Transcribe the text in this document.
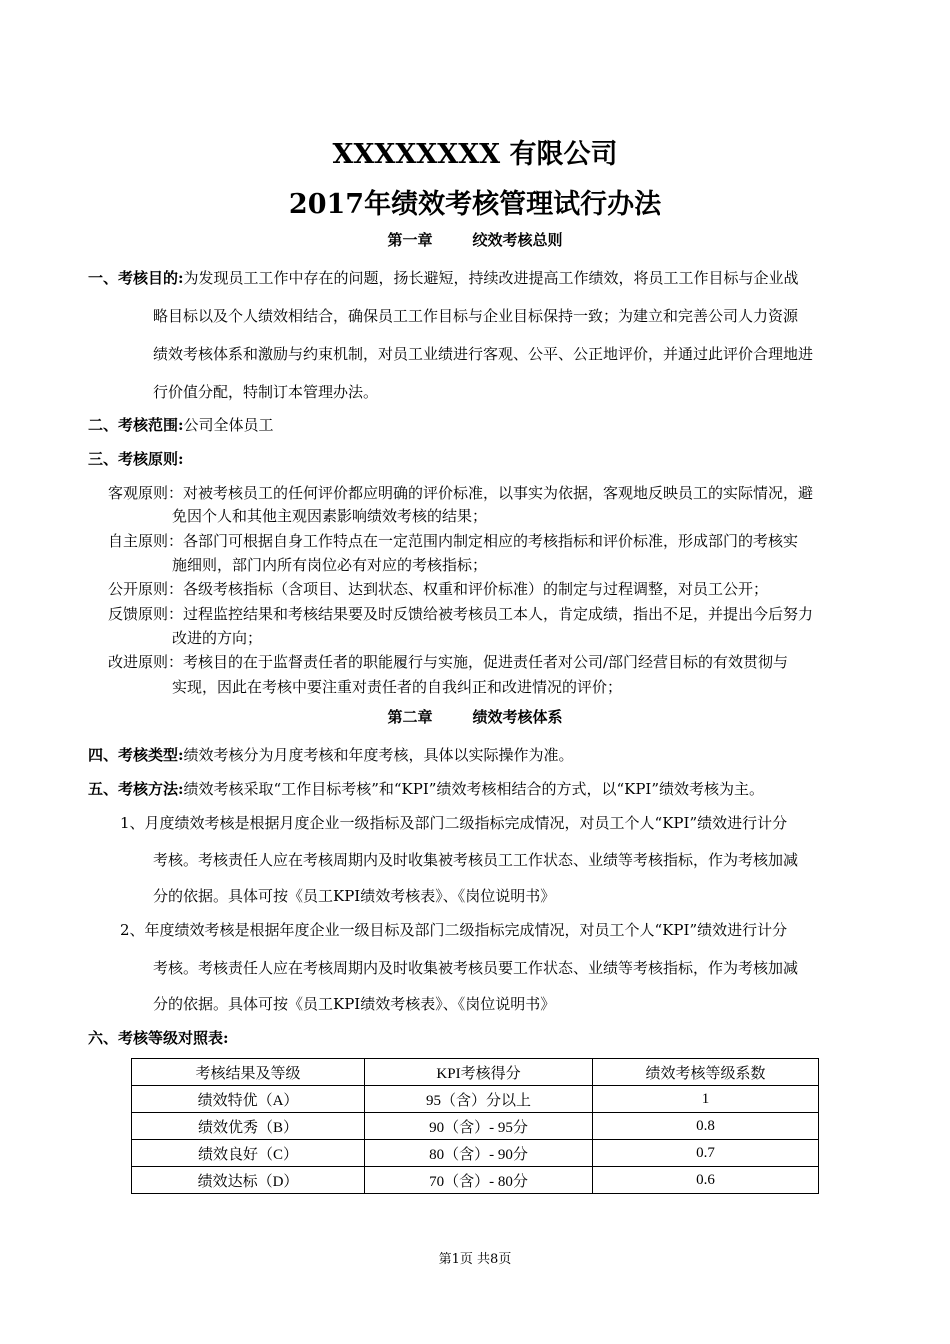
XXXXXXXX 有限公司
2017年绩效考核管理试行办法
第一章	绞效考核总则
一、考核目的:为发现员工工作中存在的问题，扬长避短，持续改进提高工作绩效，将员工工作目标与企业战
略目标以及个人绩效相结合，确保员工工作目标与企业目标保持一致；为建立和完善公司人力资源
绩效考核体系和激励与约束机制，对员工业绩进行客观、公平、公正地评价，并通过此评价合理地进
行价值分配，特制订本管理办法。
二、考核范围:公司全体员工
三、考核原则:
客观原则：对被考核员工的任何评价都应明确的评价标准，以事实为依据，客观地反映员工的实际情况，避
免因个人和其他主观因素影响绩效考核的结果；
自主原则：各部门可根据自身工作特点在一定范围内制定相应的考核指标和评价标准，形成部门的考核实
施细则，部门内所有岗位必有对应的考核指标；
公开原则：各级考核指标（含项目、达到状态、权重和评价标准）的制定与过程调整，对员工公开；
反馈原则：过程监控结果和考核结果要及时反馈给被考核员工本人，肯定成绩，指出不足，并提出今后努力
改进的方向；
改进原则：考核目的在于监督责任者的职能履行与实施，促进责任者对公司/部门经营目标的有效贯彻与
实现，因此在考核中要注重对责任者的自我纠正和改进情况的评价；
第二章	绩效考核体系
四、考核类型:绩效考核分为月度考核和年度考核，具体以实际操作为准。
五、考核方法:绩效考核采取“工作目标考核”和“KPI”绩效考核相结合的方式，以“KPI”绩效考核为主。
1、月度绩效考核是根据月度企业一级指标及部门二级指标完成情况，对员工个人“KPI”绩效进行计分
考核。考核责任人应在考核周期内及时收集被考核员工工作状态、业绩等考核指标，作为考核加减
分的依据。具体可按《员工KPI绩效考核表》、《岗位说明书》
2、年度绩效考核是根据年度企业一级目标及部门二级指标完成情况，对员工个人“KPI”绩效进行计分
考核。考核责任人应在考核周期内及时收集被考核员要工作状态、业绩等考核指标，作为考核加减
分的依据。具体可按《员工KPI绩效考核表》、《岗位说明书》
六、考核等级对照表:
考核结果及等级	KPI考核得分	绩效考核等级系数
绩效特优（A）	95（含）分以上	1
绩效优秀（B）	90（含）- 95分	0.8
绩效良好（C）	80（含）- 90分	0.7
绩效达标（D）	70（含）- 80分	0.6
第1页 共8页
